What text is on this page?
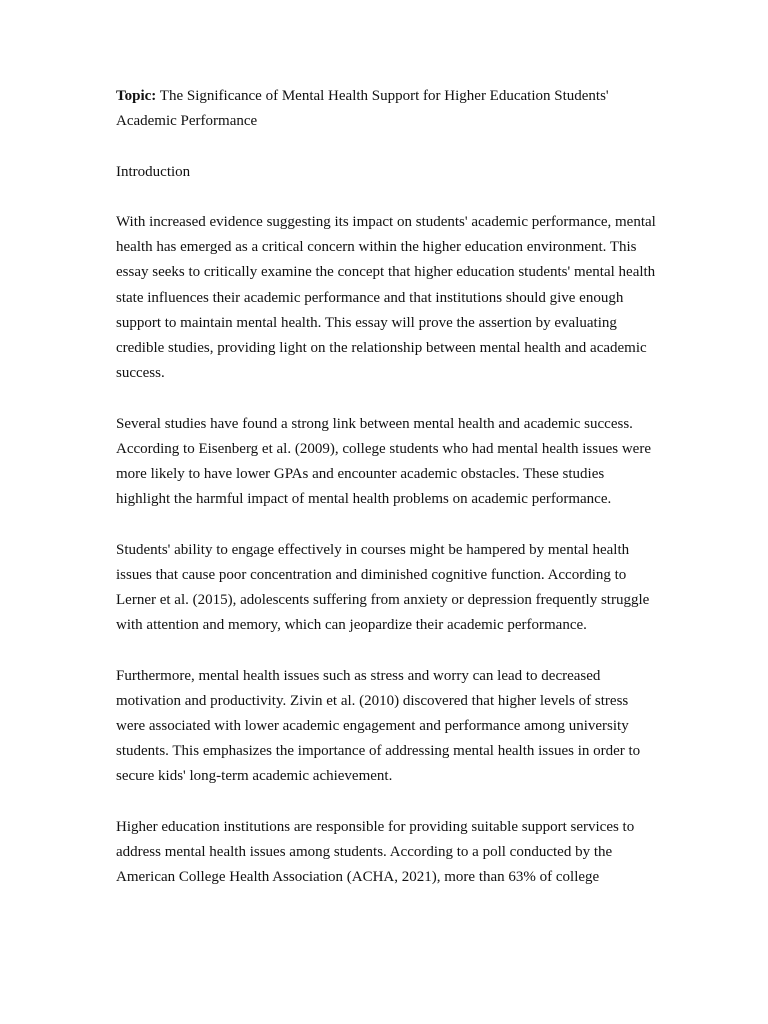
Topic: The Significance of Mental Health Support for Higher Education Students' Academic Performance

Introduction

With increased evidence suggesting its impact on students' academic performance, mental health has emerged as a critical concern within the higher education environment. This essay seeks to critically examine the concept that higher education students' mental health state influences their academic performance and that institutions should give enough support to maintain mental health. This essay will prove the assertion by evaluating credible studies, providing light on the relationship between mental health and academic success.

Several studies have found a strong link between mental health and academic success. According to Eisenberg et al. (2009), college students who had mental health issues were more likely to have lower GPAs and encounter academic obstacles. These studies highlight the harmful impact of mental health problems on academic performance.

Students' ability to engage effectively in courses might be hampered by mental health issues that cause poor concentration and diminished cognitive function. According to Lerner et al. (2015), adolescents suffering from anxiety or depression frequently struggle with attention and memory, which can jeopardize their academic performance.

Furthermore, mental health issues such as stress and worry can lead to decreased motivation and productivity. Zivin et al. (2010) discovered that higher levels of stress were associated with lower academic engagement and performance among university students. This emphasizes the importance of addressing mental health issues in order to secure kids' long-term academic achievement.

Higher education institutions are responsible for providing suitable support services to address mental health issues among students. According to a poll conducted by the American College Health Association (ACHA, 2021), more than 63% of college
